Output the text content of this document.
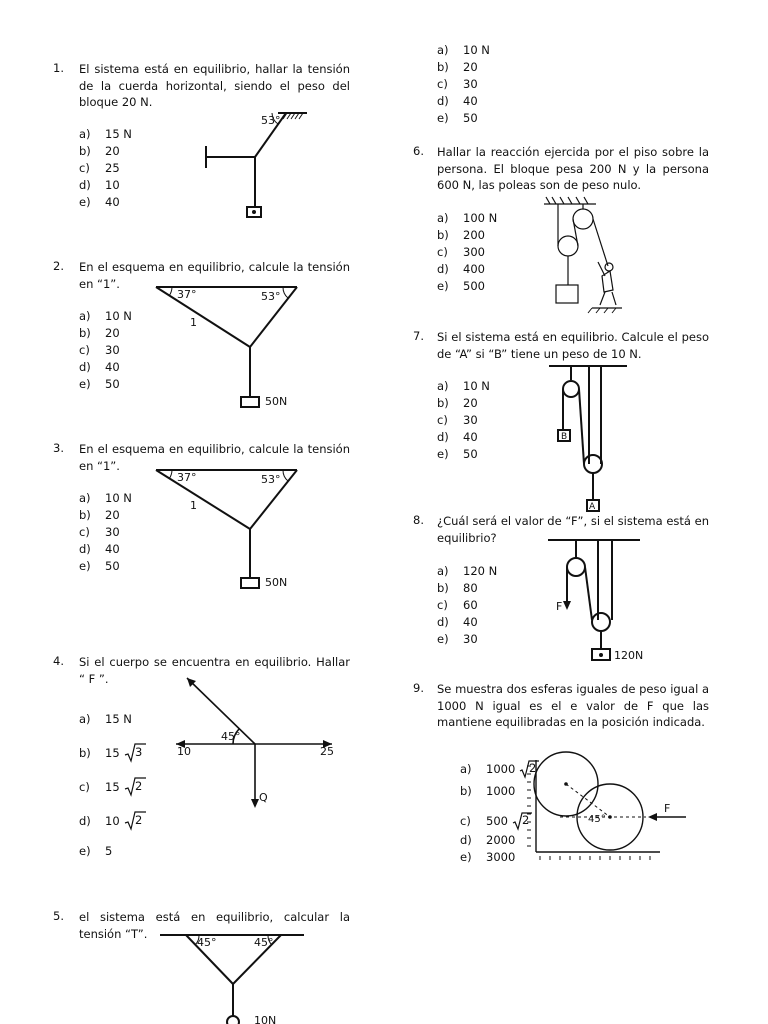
1. El sistema está en equilibrio, hallar la tensión de la cuerda horizontal, siendo el peso del bloque 20 N.
a)	15 N
b)	20
c)	25
d)	10
e)	40
53°
2. En el esquema en equilibrio, calcule la tensión en “1”.
a)	10 N
b)	20
c)	30
d)	40
e)	50
37°	53°
1
50N
3. En el esquema en equilibrio, calcule la tensión en “1”.
a)	10 N
b)	20
c)	30
d)	40
e)	50
37°	53°
1
50N
4. Si el cuerpo se encuentra en equilibrio. Hallar “ F ”.
a)	15 N
b)	15 3
c)	15 2
d)	10 2
e)	5
45°
10	25
Q
5. el sistema está en equilibrio, calcular la tensión “T”.
45°	45°
10N
a)	10 N
b)	20
c)	30
d)	40
e)	50
6. Hallar la reacción ejercida por el piso sobre la persona. El bloque pesa 200 N y la persona 600 N, las poleas son de peso nulo.
a)	100 N
b)	200
c)	300
d)	400
e)	500
7. Si el sistema está en equilibrio. Calcule el peso de “A” si “B” tiene un peso de 10 N.
a)	10 N
b)	20
c)	30
d)	40
e)	50
B
A
8. ¿Cuál será el valor de “F”, si el sistema está en equilibrio?
a)	120 N
b)	80
c)	60
d)	40
e)	30
F
120N
9. Se muestra dos esferas iguales de peso igual a 1000 N igual es el e valor de F que las mantiene equilibradas en la posición indicada.
a)	1000 2
b)	1000
c)	500 2
d)	2000
e)	3000
45°
F
